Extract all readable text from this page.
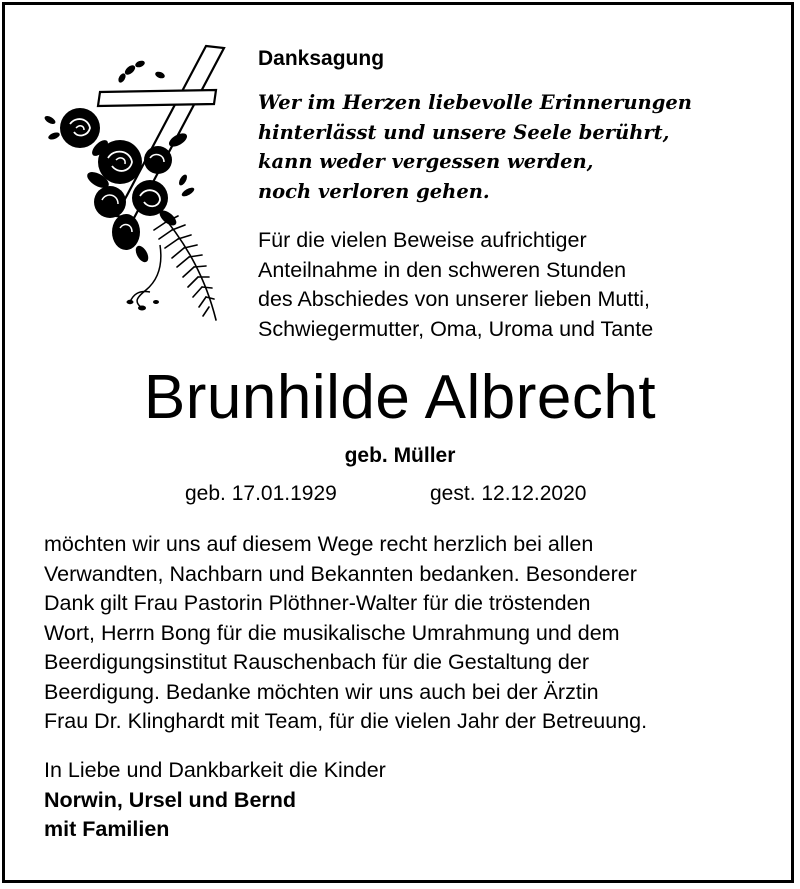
Danksagung
Wer im Herzen liebevolle Erinnerungen
hinterlässt und unsere Seele berührt,
kann weder vergessen werden,
noch verloren gehen.
Für die vielen Beweise aufrichtiger
Anteilnahme in den schweren Stunden
des Abschiedes von unserer lieben Mutti,
Schwiegermutter, Oma, Uroma und Tante
Brunhilde Albrecht
geb. Müller
geb. 17.01.1929	gest. 12.12.2020
möchten wir uns auf diesem Wege recht herzlich bei allen
Verwandten, Nachbarn und Bekannten bedanken. Besonderer
Dank gilt Frau Pastorin Plöthner-Walter für die tröstenden
Wort, Herrn Bong für die musikalische Umrahmung und dem
Beerdigungsinstitut Rauschenbach für die Gestaltung der
Beerdigung. Bedanke möchten wir uns auch bei der Ärztin
Frau Dr. Klinghardt mit Team, für die vielen Jahr der Betreuung.
In Liebe und Dankbarkeit die Kinder
Norwin, Ursel und Bernd
mit Familien
